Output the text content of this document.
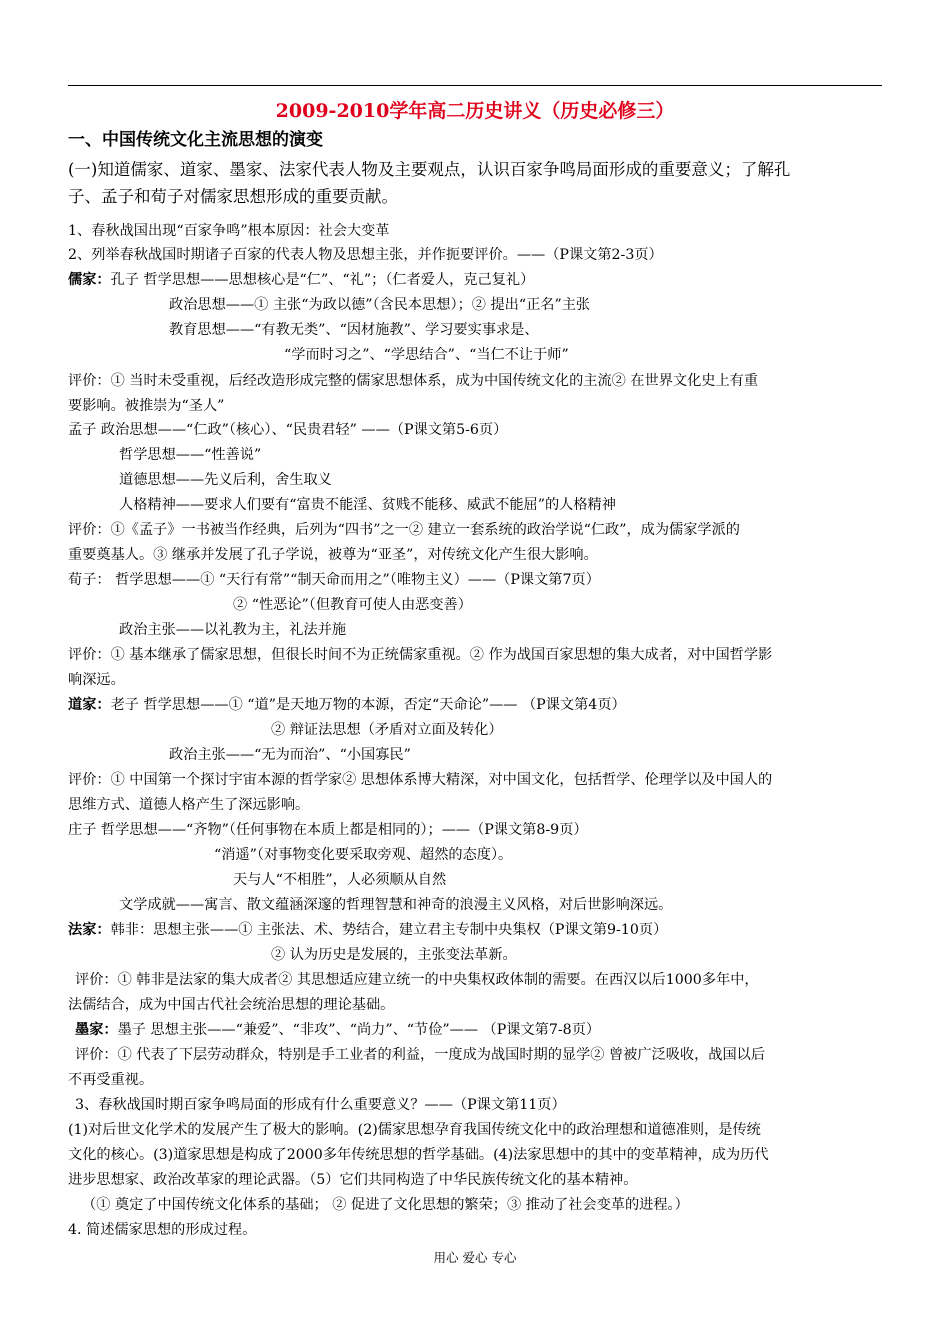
2009-2010学年高二历史讲义（历史必修三）
一、中国传统文化主流思想的演变
(一)知道儒家、道家、墨家、法家代表人物及主要观点，认识百家争鸣局面形成的重要意义；了解孔
子、孟子和荀子对儒家思想形成的重要贡献。
1、春秋战国出现“百家争鸣”根本原因：社会大变革
2、列举春秋战国时期诸子百家的代表人物及思想主张，并作扼要评价。——（P课文第2-3页）
儒家：孔子 哲学思想——思想核心是“仁”、“礼”；（仁者爱人，克己复礼）
政治思想——① 主张“为政以德”（含民本思想）；② 提出“正名”主张
教育思想——“有教无类”、“因材施教”、学习要实事求是、
“学而时习之”、“学思结合”、“当仁不让于师”
评价：① 当时未受重视，后经改造形成完整的儒家思想体系，成为中国传统文化的主流② 在世界文化史上有重
要影响。被推崇为“圣人”
孟子 政治思想——“仁政”（核心）、“民贵君轻” ——（P课文第5-6页）
哲学思想——“性善说”
道德思想——先义后利，舍生取义
人格精神——要求人们要有“富贵不能淫、贫贱不能移、威武不能屈”的人格精神
评价：①《孟子》一书被当作经典，后列为“四书”之一② 建立一套系统的政治学说“仁政”，成为儒家学派的
重要奠基人。③ 继承并发展了孔子学说，被尊为“亚圣”，对传统文化产生很大影响。
荀子： 哲学思想——① “天行有常”“制天命而用之”（唯物主义）——（P课文第7页）
② “性恶论”（但教育可使人由恶变善）
政治主张——以礼教为主，礼法并施
评价：① 基本继承了儒家思想，但很长时间不为正统儒家重视。② 作为战国百家思想的集大成者，对中国哲学影
响深远。
道家：老子 哲学思想——① “道”是天地万物的本源，否定“天命论”—— （P课文第4页）
② 辩证法思想（矛盾对立面及转化）
政治主张——“无为而治”、“小国寡民”
评价：① 中国第一个探讨宇宙本源的哲学家② 思想体系博大精深，对中国文化，包括哲学、伦理学以及中国人的
思维方式、道德人格产生了深远影响。
庄子 哲学思想——“齐物”（任何事物在本质上都是相同的）；——（P课文第8-9页）
“消遥”（对事物变化要采取旁观、超然的态度）。
天与人“不相胜”，人必须顺从自然
文学成就——寓言、散文蕴涵深邃的哲理智慧和神奇的浪漫主义风格，对后世影响深远。
法家：韩非：思想主张——① 主张法、术、势结合，建立君主专制中央集权（P课文第9-10页）
② 认为历史是发展的，主张变法革新。
评价：① 韩非是法家的集大成者② 其思想适应建立统一的中央集权政体制的需要。在西汉以后1000多年中，
法儒结合，成为中国古代社会统治思想的理论基础。
墨家：墨子 思想主张——“兼爱”、“非攻”、“尚力”、“节俭”—— （P课文第7-8页）
评价：① 代表了下层劳动群众，特别是手工业者的利益，一度成为战国时期的显学② 曾被广泛吸收，战国以后
不再受重视。
3、春秋战国时期百家争鸣局面的形成有什么重要意义？——（P课文第11页）
(1)对后世文化学术的发展产生了极大的影响。(2)儒家思想孕育我国传统文化中的政治理想和道德准则，是传统
文化的核心。(3)道家思想是构成了2000多年传统思想的哲学基础。(4)法家思想中的其中的变革精神，成为历代
进步思想家、政治改革家的理论武器。（5）它们共同构造了中华民族传统文化的基本精神。
（① 奠定了中国传统文化体系的基础； ② 促进了文化思想的繁荣；③ 推动了社会变革的进程。）
4. 简述儒家思想的形成过程。
用心 爱心 专心
